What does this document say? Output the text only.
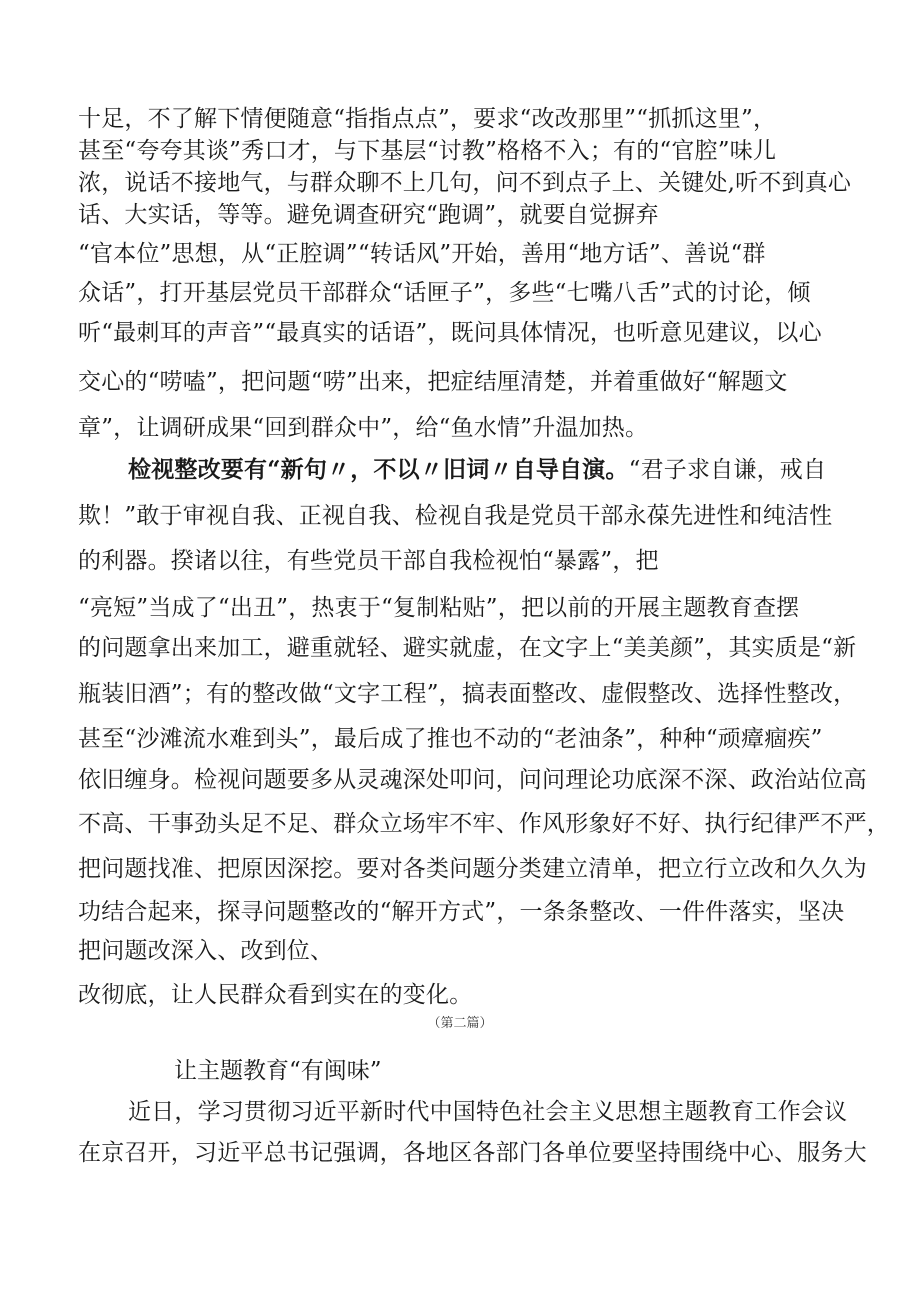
十足，不了解下情便随意“指指点点”，要求“改改那里”“抓抓这里”，
甚至“夸夸其谈”秀口才，与下基层“讨教”格格不入；有的“官腔”味儿
浓，说话不接地气，与群众聊不上几句，问不到点子上、关键处,听不到真心
话、大实话，等等。避免调查研究“跑调”，就要自觉摒弃
“官本位”思想，从“正腔调”“转话风”开始，善用“地方话”、善说“群
众话”，打开基层党员干部群众“话匣子”，多些“七嘴八舌”式的讨论，倾
听“最刺耳的声音”“最真实的话语”，既问具体情况，也听意见建议，以心
交心的“唠嗑”，把问题“唠”出来，把症结厘清楚，并着重做好“解题文
章”，让调研成果“回到群众中”，给“鱼水情”升温加热。
检视整改要有“新句〃，不以〃旧词〃自导自演。“君子求自谦，戒自
欺！”敢于审视自我、正视自我、检视自我是党员干部永葆先进性和纯洁性
的利器。揆诸以往，有些党员干部自我检视怕“暴露”，把
“亮短”当成了“出丑”，热衷于“复制粘贴”，把以前的开展主题教育查摆
的问题拿出来加工，避重就轻、避实就虚，在文字上“美美颜”，其实质是“新
瓶装旧酒”；有的整改做“文字工程”，搞表面整改、虚假整改、选择性整改，
甚至“沙滩流水难到头”，最后成了推也不动的“老油条”，种种“顽瘴痼疾”
依旧缠身。检视问题要多从灵魂深处叩问，问问理论功底深不深、政治站位高
不高、干事劲头足不足、群众立场牢不牢、作风形象好不好、执行纪律严不严，
把问题找准、把原因深挖。要对各类问题分类建立清单，把立行立改和久久为
功结合起来，探寻问题整改的“解开方式”，一条条整改、一件件落实，坚决
把问题改深入、改到位、
改彻底，让人民群众看到实在的变化。
（第二篇）
让主题教育“有闽味”
近日，学习贯彻习近平新时代中国特色社会主义思想主题教育工作会议
在京召开，习近平总书记强调，各地区各部门各单位要坚持围绕中心、服务大
